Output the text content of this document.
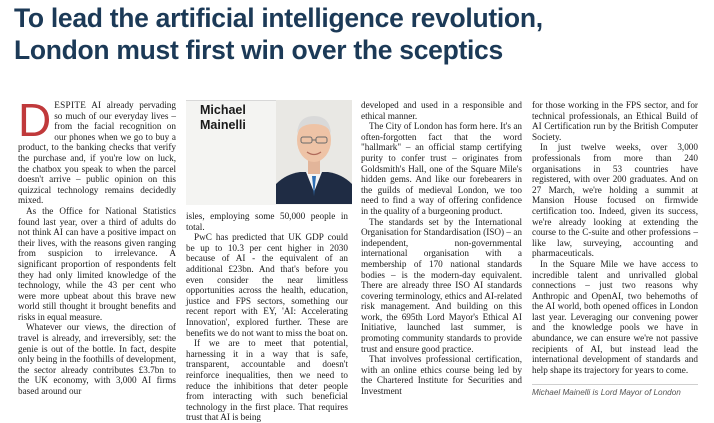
To lead the artificial intelligence revolution,
London must first win over the sceptics

DESPITE AI already pervading so much of our everyday lives – from the facial recognition on our phones when we go to buy a product, to the banking checks that verify the purchase and, if you're low on luck, the chatbox you speak to when the parcel doesn't arrive – public opinion on this quizzical technology remains decidedly mixed.

As the Office for National Statistics found last year, over a third of adults do not think AI can have a positive impact on their lives, with the reasons given ranging from suspicion to irrelevance. A significant proportion of respondents felt they had only limited knowledge of the technology, while the 43 per cent who were more upbeat about this brave new world still thought it brought benefits and risks in equal measure.

Whatever our views, the direction of travel is already, and irreversibly, set: the genie is out of the bottle. In fact, despite only being in the foothills of development, the sector already contributes £3.7bn to the UK economy, with 3,000 AI firms based around our

Michael
Mainelli

isles, employing some 50,000 people in total.

PwC has predicted that UK GDP could be up to 10.3 per cent higher in 2030 because of AI - the equivalent of an additional £23bn. And that's before you even consider the near limitless opportunities across the health, education, justice and FPS sectors, something our recent report with EY, 'AI: Accelerating Innovation', explored further. These are benefits we do not want to miss the boat on.

If we are to meet that potential, harnessing it in a way that is safe, transparent, accountable and doesn't reinforce inequalities, then we need to reduce the inhibitions that deter people from interacting with such beneficial technology in the first place. That requires trust that AI is being

developed and used in a responsible and ethical manner.

The City of London has form here. It's an often-forgotten fact that the word "hallmark" – an official stamp certifying purity to confer trust – originates from Goldsmith's Hall, one of the Square Mile's hidden gems. And like our forebearers in the guilds of medieval London, we too need to find a way of offering confidence in the quality of a burgeoning product.

The standards set by the International Organisation for Standardisation (ISO) – an independent, non-governmental international organisation with a membership of 170 national standards bodies – is the modern-day equivalent. There are already three ISO AI standards covering terminology, ethics and AI-related risk management. And building on this work, the 695th Lord Mayor's Ethical AI Initiative, launched last summer, is promoting community standards to provide trust and ensure good practice.

That involves professional certification, with an online ethics course being led by the Chartered Institute for Securities and Investment

for those working in the FPS sector, and for technical professionals, an Ethical Build of AI Certification run by the British Computer Society.

In just twelve weeks, over 3,000 professionals from more than 240 organisations in 53 countries have registered, with over 200 graduates. And on 27 March, we're holding a summit at Mansion House focused on firmwide certification too. Indeed, given its success, we're already looking at extending the course to the C-suite and other professions – like law, surveying, accounting and pharmaceuticals.

In the Square Mile we have access to incredible talent and unrivalled global connections – just two reasons why Anthropic and OpenAI, two behemoths of the AI world, both opened offices in London last year. Leveraging our convening power and the knowledge pools we have in abundance, we can ensure we're not passive recipients of AI, but instead lead the international development of standards and help shape its trajectory for years to come.

Michael Mainelli is Lord Mayor of London
